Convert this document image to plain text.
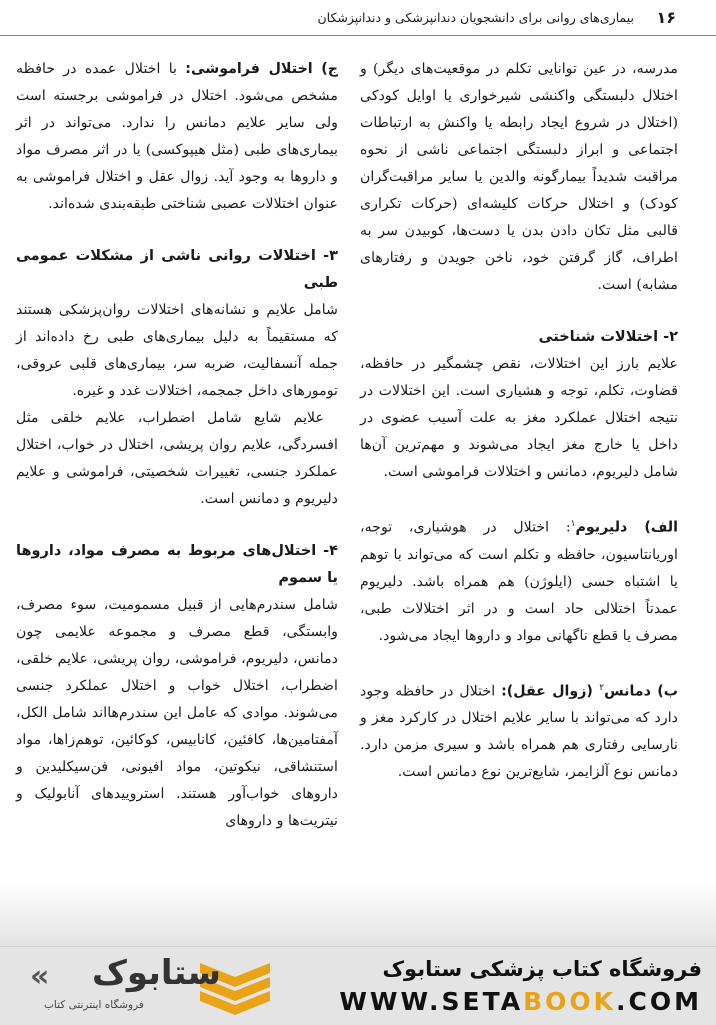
۱۶
بیماری‌های روانی برای دانشجویان دندانپزشکی و دندانپزشکان

مدرسه، در عین توانایی تکلم در موقعیت‌های دیگر) و اختلال دلبستگی واکنشی شیرخواری یا اوایل کودکی (اختلال در شروع ایجاد رابطه یا واکنش به ارتباطات اجتماعی و ابراز دلبستگی اجتماعی ناشی از نحوه مراقبت شدیداً بیمارگونه والدین یا سایر مراقبت‌گران کودک) و اختلال حرکات کلیشه‌ای (حرکات تکراری قالبی مثل تکان دادن بدن یا دست‌ها، کوبیدن سر به اطراف، گاز گرفتن خود، ناخن جویدن و رفتارهای مشابه) است.

۲- اختلالات شناختی

علایم بارز این اختلالات، نقص چشمگیر در حافظه، قضاوت، تکلم، توجه و هشیاری است. این اختلالات در نتیجه اختلال عملکرد مغز به علت آسیب عضوی در داخل یا خارج مغز ایجاد می‌شوند و مهم‌ترین آن‌ها شامل دلیریوم، دمانس و اختلالات فراموشی است.

الف) دلیریوم$^۱$: اختلال در هوشیاری، توجه، اوریانتاسیون، حافظه و تکلم است که می‌تواند با توهم یا اشتباه حسی (ایلوژن) هم همراه باشد. دلیریوم عمدتاً اختلالی حاد است و در اثر اختلالات طبی، مصرف یا قطع ناگهانی مواد و داروها ایجاد می‌شود.

ب) دمانس$^۲$ (زوال عقل): اختلال در حافظه وجود دارد که می‌تواند با سایر علایم اختلال در کارکرد مغز و نارسایی رفتاری هم همراه باشد و سیری مزمن دارد. دمانس نوع آلزایمر، شایع‌ترین نوع دمانس است.

ج) اختلال فراموشی: با اختلال عمده در حافظه مشخص می‌شود. اختلال در فراموشی برجسته است ولی سایر علایم دمانس را ندارد. می‌تواند در اثر بیماری‌های طبی (مثل هیپوکسی) یا در اثر مصرف مواد و داروها به وجود آید. زوال عقل و اختلال فراموشی به عنوان اختلالات عصبی شناختی طبقه‌بندی شده‌اند.

۳- اختلالات روانی ناشی از مشکلات عمومی طبی

شامل علایم و نشانه‌های اختلالات روان‌پزشکی هستند که مستقیماً به دلیل بیماری‌های طبی رخ داده‌اند از جمله آنسفالیت، ضربه سر، بیماری‌های قلبی عروقی، تومورهای داخل جمجمه، اختلالات غدد و غیره.

علایم شایع شامل اضطراب، علایم خلقی مثل افسردگی، علایم روان پریشی، اختلال در خواب، اختلال عملکرد جنسی، تغییرات شخصیتی، فراموشی و علایم دلیریوم و دمانس است.

۴- اختلال‌های مربوط به مصرف مواد، داروها یا سموم

شامل سندرم‌هایی از قبیل مسمومیت، سوء مصرف، وابستگی، قطع مصرف و مجموعه علایمی چون دمانس، دلیریوم، فراموشی، روان پریشی، علایم خلقی، اضطراب، اختلال خواب و اختلال عملکرد جنسی می‌شوند. موادی که عامل این سندرم‌هااند شامل الکل، آمفتامین‌ها، کافئین، کانابیس، کوکائین، توهم‌زاها، مواد استنشاقی، نیکوتین، مواد افیونی، فن‌سیکلیدین و داروهای خواب‌آور هستند. استروییدهای آنابولیک و نیتریت‌ها و داروهای

فروشگاه کتاب پزشکی ستابوک
WWW.SETABOOK.COM
ستابوک
«
فروشگاه اینترنتی کتاب
